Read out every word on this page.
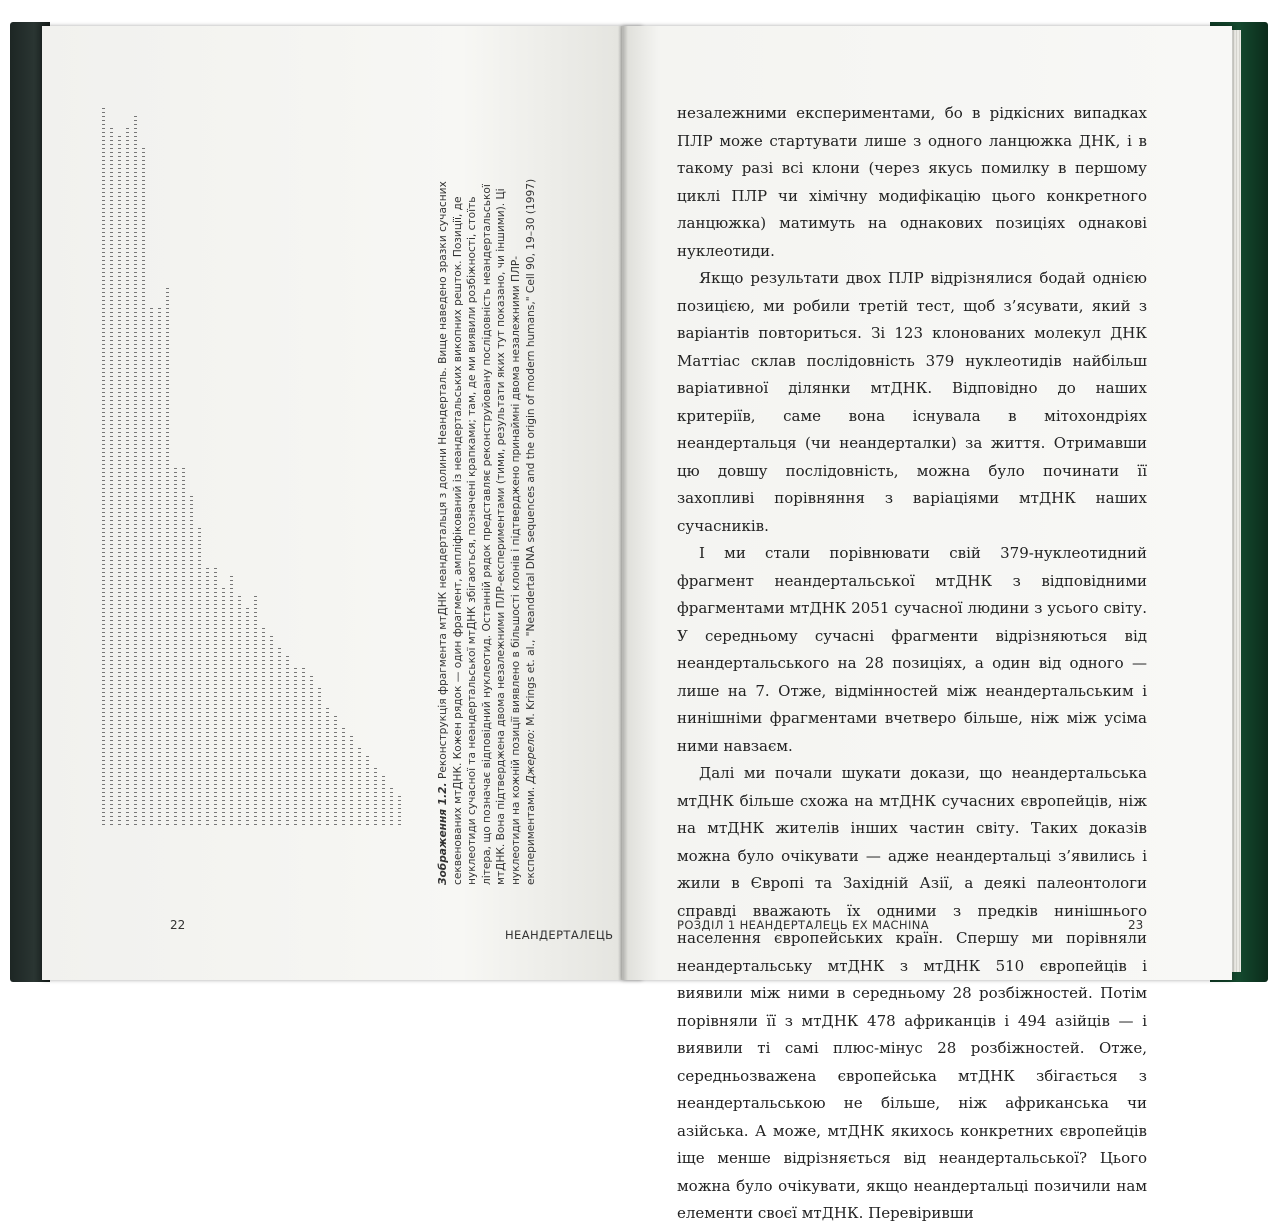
Зображення 1.2. Реконструкція фрагмента мтДНК неандертальця з долини Неандерталь. Вище наведено зразки сучасних секвенованих мтДНК. Кожен рядок — один фрагмент, ампліфікований із неандертальських викопних решток. Позиції, де нуклеотиди сучасної та неандертальської мтДНК збігаються, позначені крапками; там, де ми виявили розбіжності, стоїть літера, що позначає відповідний нуклеотид. Останній рядок представляє реконструйовану послідовність неандертальської мтДНК. Вона підтверджена двома незалежними ПЛР-експериментами (тими, результати яких тут показано, чи іншими). Ці нуклеотиди на кожній позиції виявлено в більшості клонів і підтверджено принаймні двома незалежними ПЛР-експериментами. Джерело: M. Krings et. al., "Neandertal DNA sequences and the origin of modern humans," Cell 90, 19–30 (1997)
22
НЕАНДЕРТАЛЕЦЬ

незалежними експериментами, бо в рідкісних випадках ПЛР може стартувати лише з одного ланцюжка ДНК, і в такому разі всі клони (через якусь помилку в першому циклі ПЛР чи хімічну модифікацію цього конкретного ланцюжка) матимуть на однакових позиціях однакові нуклеотиди.

Якщо результати двох ПЛР відрізнялися бодай однією позицією, ми робили третій тест, щоб з’ясувати, який з варіантів повториться. Зі 123 клонованих молекул ДНК Маттіас склав послідовність 379 нуклеотидів найбільш варіативної ділянки мтДНК. Відповідно до наших критеріїв, саме вона існувала в мітохондріях неандертальця (чи неандерталки) за життя. Отримавши цю довшу послідовність, можна було починати її захопливі порівняння з варіаціями мтДНК наших сучасників.

І ми стали порівнювати свій 379-нуклеотидний фрагмент неандертальської мтДНК з відповідними фрагментами мтДНК 2051 сучасної людини з усього світу. У середньому сучасні фрагменти відрізняються від неандертальського на 28 позиціях, а один від одного — лише на 7. Отже, відмінностей між неандертальським і нинішніми фрагментами вчетверо більше, ніж між усіма ними навзаєм.

Далі ми почали шукати докази, що неандертальська мтДНК більше схожа на мтДНК сучасних європейців, ніж на мтДНК жителів інших частин світу. Таких доказів можна було очікувати — адже неандертальці з’явились і жили в Європі та Західній Азії, а деякі палеонтологи справді вважають їх одними з предків нинішнього населення європейських країн. Спершу ми порівняли неандертальську мтДНК з мтДНК 510 європейців і виявили між ними в середньому 28 розбіжностей. Потім порівняли її з мтДНК 478 африканців і 494 азійців — і виявили ті самі плюс-мінус 28 розбіжностей. Отже, середньозважена європейська мтДНК збігається з неандертальською не більше, ніж африканська чи азійська. А може, мтДНК якихось конкретних європейців іще менше відрізняється від неандертальської? Цього можна було очікувати, якщо неандертальці позичили нам елементи своєї мтДНК. Перевіривши

РОЗДІЛ 1 НЕАНДЕРТАЛЕЦЬ EX MACHINA	23
